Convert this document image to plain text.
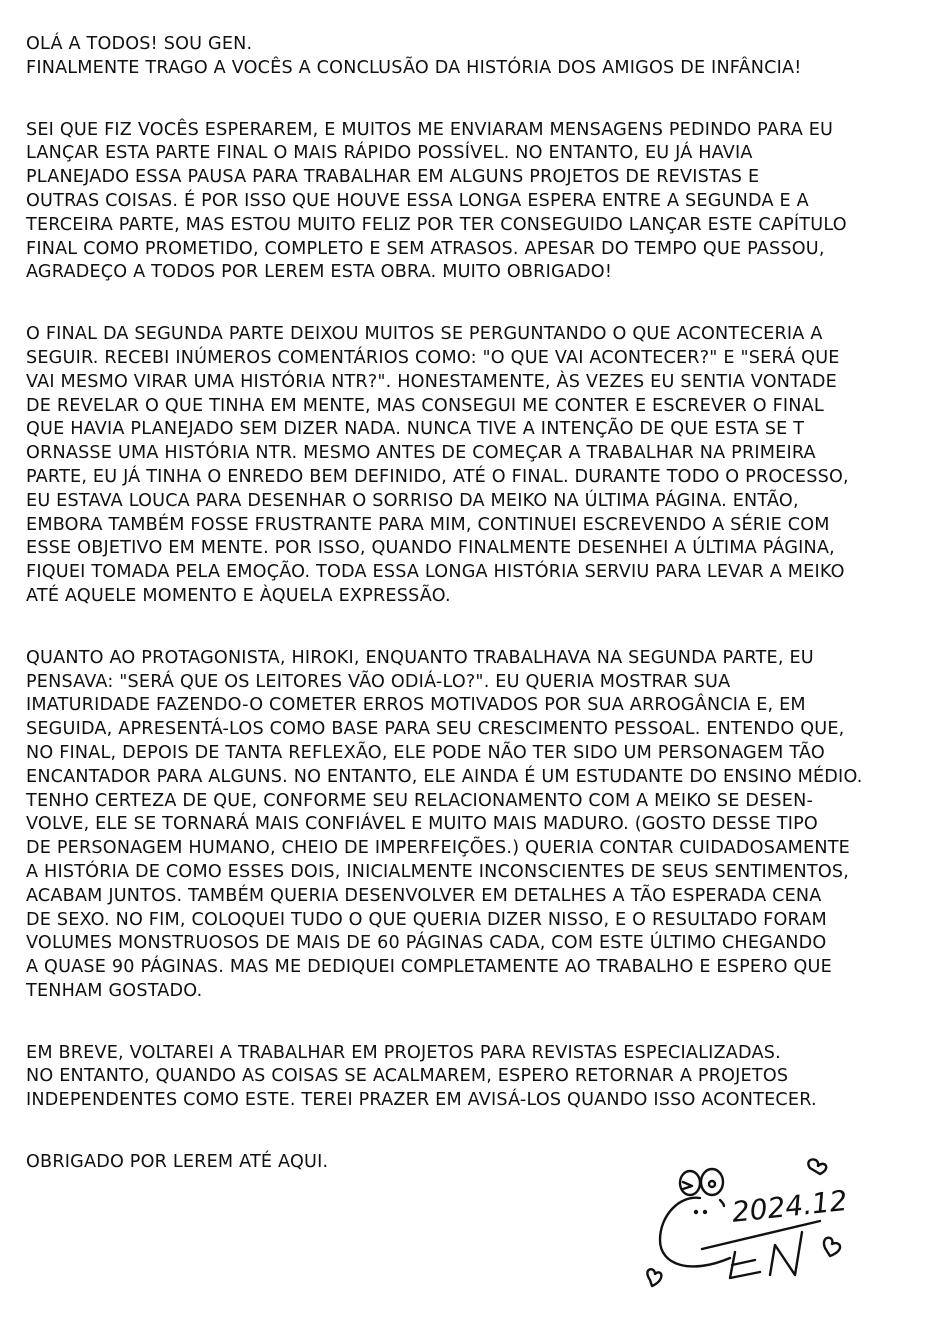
OLÁ A TODOS! SOU GEN.
FINALMENTE TRAGO A VOCÊS A CONCLUSÃO DA HISTÓRIA DOS AMIGOS DE INFÂNCIA!
SEI QUE FIZ VOCÊS ESPERAREM, E MUITOS ME ENVIARAM MENSAGENS PEDINDO PARA EU
LANÇAR ESTA PARTE FINAL O MAIS RÁPIDO POSSÍVEL. NO ENTANTO, EU JÁ HAVIA
PLANEJADO ESSA PAUSA PARA TRABALHAR EM ALGUNS PROJETOS DE REVISTAS E
OUTRAS COISAS. É POR ISSO QUE HOUVE ESSA LONGA ESPERA ENTRE A SEGUNDA E A
TERCEIRA PARTE, MAS ESTOU MUITO FELIZ POR TER CONSEGUIDO LANÇAR ESTE CAPÍTULO
FINAL COMO PROMETIDO, COMPLETO E SEM ATRASOS. APESAR DO TEMPO QUE PASSOU,
AGRADEÇO A TODOS POR LEREM ESTA OBRA. MUITO OBRIGADO!
O FINAL DA SEGUNDA PARTE DEIXOU MUITOS SE PERGUNTANDO O QUE ACONTECERIA A
SEGUIR. RECEBI INÚMEROS COMENTÁRIOS COMO: "O QUE VAI ACONTECER?" E "SERÁ QUE
VAI MESMO VIRAR UMA HISTÓRIA NTR?". HONESTAMENTE, ÀS VEZES EU SENTIA VONTADE
DE REVELAR O QUE TINHA EM MENTE, MAS CONSEGUI ME CONTER E ESCREVER O FINAL
QUE HAVIA PLANEJADO SEM DIZER NADA. NUNCA TIVE A INTENÇÃO DE QUE ESTA SE T
ORNASSE UMA HISTÓRIA NTR. MESMO ANTES DE COMEÇAR A TRABALHAR NA PRIMEIRA
PARTE, EU JÁ TINHA O ENREDO BEM DEFINIDO, ATÉ O FINAL. DURANTE TODO O PROCESSO,
EU ESTAVA LOUCA PARA DESENHAR O SORRISO DA MEIKO NA ÚLTIMA PÁGINA. ENTÃO,
EMBORA TAMBÉM FOSSE FRUSTRANTE PARA MIM, CONTINUEI ESCREVENDO A SÉRIE COM
ESSE OBJETIVO EM MENTE. POR ISSO, QUANDO FINALMENTE DESENHEI A ÚLTIMA PÁGINA,
FIQUEI TOMADA PELA EMOÇÃO. TODA ESSA LONGA HISTÓRIA SERVIU PARA LEVAR A MEIKO
ATÉ AQUELE MOMENTO E ÀQUELA EXPRESSÃO.
QUANTO AO PROTAGONISTA, HIROKI, ENQUANTO TRABALHAVA NA SEGUNDA PARTE, EU
PENSAVA: "SERÁ QUE OS LEITORES VÃO ODIÁ-LO?". EU QUERIA MOSTRAR SUA
IMATURIDADE FAZENDO-O COMETER ERROS MOTIVADOS POR SUA ARROGÂNCIA E, EM
SEGUIDA, APRESENTÁ-LOS COMO BASE PARA SEU CRESCIMENTO PESSOAL. ENTENDO QUE,
NO FINAL, DEPOIS DE TANTA REFLEXÃO, ELE PODE NÃO TER SIDO UM PERSONAGEM TÃO
ENCANTADOR PARA ALGUNS. NO ENTANTO, ELE AINDA É UM ESTUDANTE DO ENSINO MÉDIO.
TENHO CERTEZA DE QUE, CONFORME SEU RELACIONAMENTO COM A MEIKO SE DESEN-
VOLVE, ELE SE TORNARÁ MAIS CONFIÁVEL E MUITO MAIS MADURO. (GOSTO DESSE TIPO
DE PERSONAGEM HUMANO, CHEIO DE IMPERFEIÇÕES.) QUERIA CONTAR CUIDADOSAMENTE
A HISTÓRIA DE COMO ESSES DOIS, INICIALMENTE INCONSCIENTES DE SEUS SENTIMENTOS,
ACABAM JUNTOS. TAMBÉM QUERIA DESENVOLVER EM DETALHES A TÃO ESPERADA CENA
DE SEXO. NO FIM, COLOQUEI TUDO O QUE QUERIA DIZER NISSO, E O RESULTADO FORAM
VOLUMES MONSTRUOSOS DE MAIS DE 60 PÁGINAS CADA, COM ESTE ÚLTIMO CHEGANDO
A QUASE 90 PÁGINAS. MAS ME DEDIQUEI COMPLETAMENTE AO TRABALHO E ESPERO QUE
TENHAM GOSTADO.
EM BREVE, VOLTAREI A TRABALHAR EM PROJETOS PARA REVISTAS ESPECIALIZADAS.
NO ENTANTO, QUANDO AS COISAS SE ACALMAREM, ESPERO RETORNAR A PROJETOS
INDEPENDENTES COMO ESTE. TEREI PRAZER EM AVISÁ-LOS QUANDO ISSO ACONTECER.
OBRIGADO POR LEREM ATÉ AQUI.
2024.12
